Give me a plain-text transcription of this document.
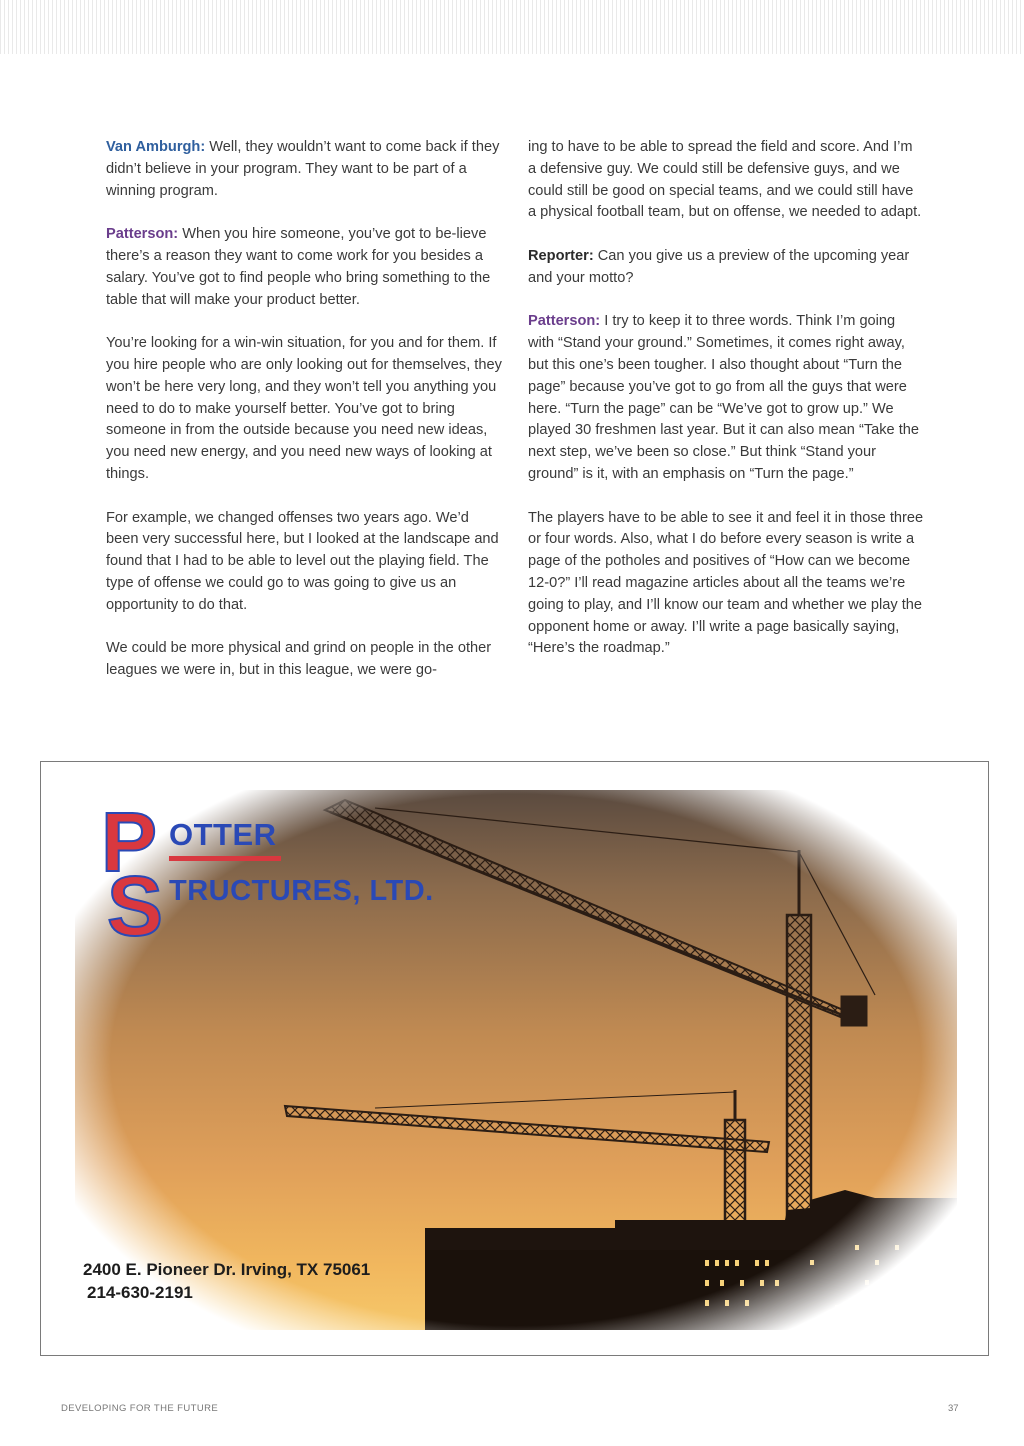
Van Amburgh: Well, they wouldn’t want to come back if they didn’t believe in your program. They want to be part of a winning program.

Patterson: When you hire someone, you’ve got to be-lieve there’s a reason they want to come work for you besides a salary. You’ve got to find people who bring something to the table that will make your product better.

You’re looking for a win-win situation, for you and for them. If you hire people who are only looking out for themselves, they won’t be here very long, and they won’t tell you anything you need to do to make yourself better. You’ve got to bring someone in from the outside because you need new ideas, you need new energy, and you need new ways of looking at things.

For example, we changed offenses two years ago. We’d been very successful here, but I looked at the landscape and found that I had to be able to level out the playing field. The type of offense we could go to was going to give us an opportunity to do that.

We could be more physical and grind on people in the other leagues we were in, but in this league, we were go-

ing to have to be able to spread the field and score. And I’m a defensive guy. We could still be defensive guys, and we could still be good on special teams, and we could still have a physical football team, but on offense, we needed to adapt.

Reporter: Can you give us a preview of the upcoming year and your motto?

Patterson: I try to keep it to three words. Think I’m going with “Stand your ground.” Sometimes, it comes right away, but this one’s been tougher. I also thought about “Turn the page” because you’ve got to go from all the guys that were here. “Turn the page” can be “We’ve got to grow up.” We played 30 freshmen last year. But it can also mean “Take the next step, we’ve been so close.” But think “Stand your ground” is it, with an emphasis on “Turn the page.”

The players have to be able to see it and feel it in those three or four words. Also, what I do before every season is write a page of the potholes and positives of “How can we become 12-0?” I’ll read magazine articles about all the teams we’re going to play, and I’ll know our team and whether we play the opponent home or away. I’ll write a page basically saying, “Here’s the roadmap.”

P
S
OTTER
TRUCTURES, LTD.
2400 E. Pioneer Dr. Irving, TX 75061
214-630-2191
DEVELOPING FOR THE FUTURE	37
